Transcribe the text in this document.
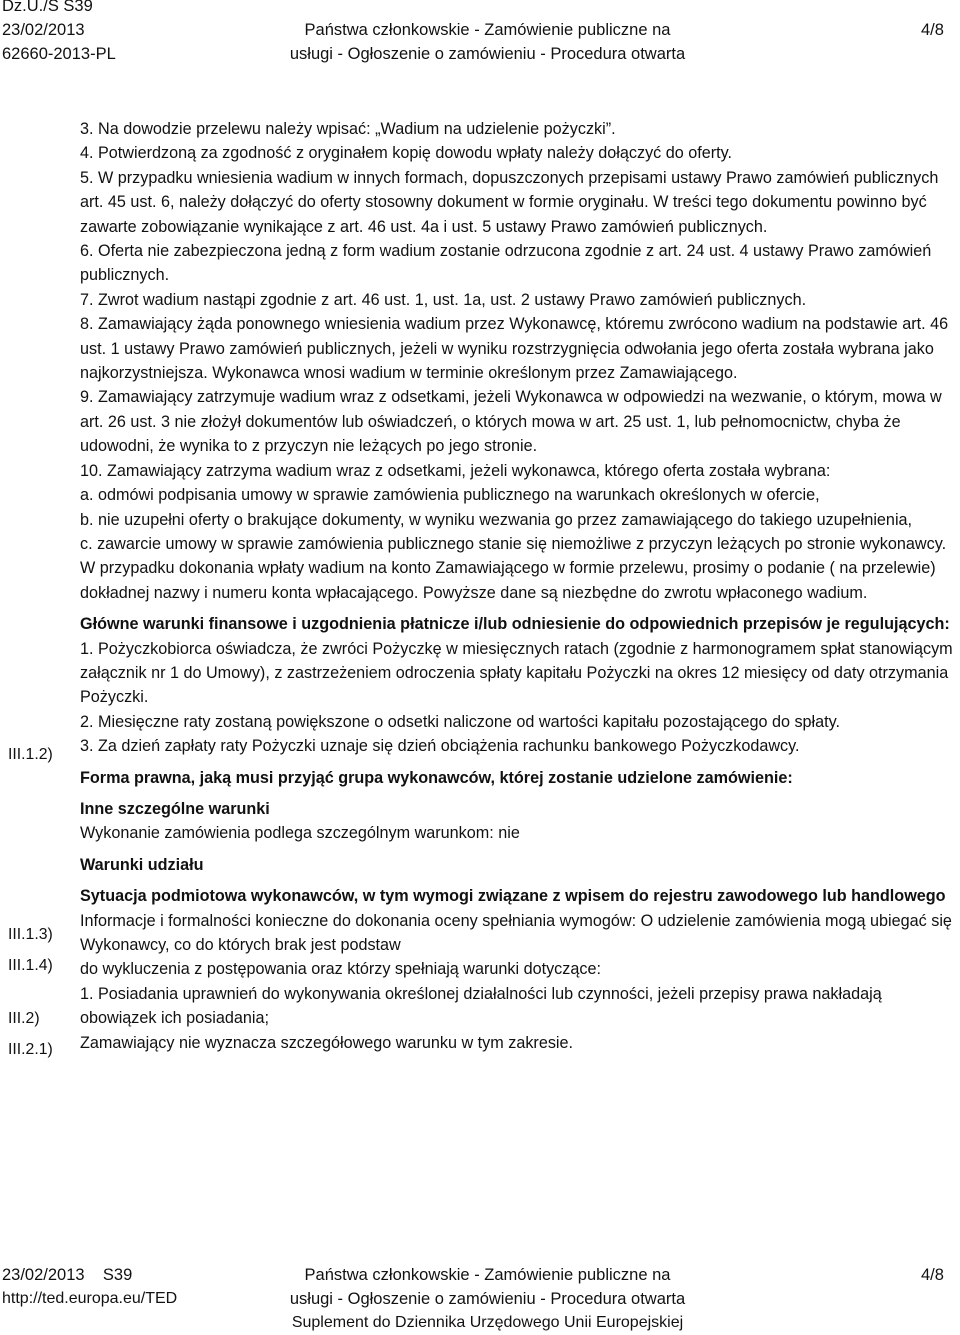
Dz.U./S S39
23/02/2013
62660-2013-PL
Państwa członkowskie - Zamówienie publiczne na
usługi - Ogłoszenie o zamówieniu - Procedura otwarta
4/8
III.1.2)
III.1.3)
III.1.4)
III.2)
III.2.1)

3. Na dowodzie przelewu należy wpisać: „Wadium na udzielenie pożyczki”.

4. Potwierdzoną za zgodność z oryginałem kopię dowodu wpłaty należy dołączyć do oferty.

5. W przypadku wniesienia wadium w innych formach, dopuszczonych przepisami ustawy Prawo zamówień publicznych art. 45 ust. 6, należy dołączyć do oferty stosowny dokument w formie oryginału. W treści tego dokumentu powinno być zawarte zobowiązanie wynikające z art. 46 ust. 4a i ust. 5 ustawy Prawo zamówień publicznych.

6. Oferta nie zabezpieczona jedną z form wadium zostanie odrzucona zgodnie z art. 24 ust. 4 ustawy Prawo zamówień publicznych.

7. Zwrot wadium nastąpi zgodnie z art. 46 ust. 1, ust. 1a, ust. 2 ustawy Prawo zamówień publicznych.

8. Zamawiający żąda ponownego wniesienia wadium przez Wykonawcę, któremu zwrócono wadium na podstawie art. 46 ust. 1 ustawy Prawo zamówień publicznych, jeżeli w wyniku rozstrzygnięcia odwołania jego oferta została wybrana jako najkorzystniejsza. Wykonawca wnosi wadium w terminie określonym przez Zamawiającego.

9. Zamawiający zatrzymuje wadium wraz z odsetkami, jeżeli Wykonawca w odpowiedzi na wezwanie, o którym, mowa w art. 26 ust. 3 nie złożył dokumentów lub oświadczeń, o których mowa w art. 25 ust. 1, lub pełnomocnictw, chyba że udowodni, że wynika to z przyczyn nie leżących po jego stronie.

10. Zamawiający zatrzyma wadium wraz z odsetkami, jeżeli wykonawca, którego oferta została wybrana:

a. odmówi podpisania umowy w sprawie zamówienia publicznego na warunkach określonych w ofercie,

b. nie uzupełni oferty o brakujące dokumenty, w wyniku wezwania go przez zamawiającego do takiego uzupełnienia,

c. zawarcie umowy w sprawie zamówienia publicznego stanie się niemożliwe z przyczyn leżących po stronie wykonawcy.

W przypadku dokonania wpłaty wadium na konto Zamawiającego w formie przelewu, prosimy o podanie ( na przelewie) dokładnej nazwy i numeru konta wpłacającego. Powyższe dane są niezbędne do zwrotu wpłaconego wadium.

Główne warunki finansowe i uzgodnienia płatnicze i/lub odniesienie do odpowiednich przepisów je regulujących:

1. Pożyczkobiorca oświadcza, że zwróci Pożyczkę w miesięcznych ratach (zgodnie z harmonogramem spłat stanowiącym załącznik nr 1 do Umowy), z zastrzeżeniem odroczenia spłaty kapitału Pożyczki na okres 12 miesięcy od daty otrzymania Pożyczki.

2. Miesięczne raty zostaną powiększone o odsetki naliczone od wartości kapitału pozostającego do spłaty.

3. Za dzień zapłaty raty Pożyczki uznaje się dzień obciążenia rachunku bankowego Pożyczkodawcy.

Forma prawna, jaką musi przyjąć grupa wykonawców, której zostanie udzielone zamówienie:

Inne szczególne warunki

Wykonanie zamówienia podlega szczególnym warunkom: nie

Warunki udziału

Sytuacja podmiotowa wykonawców, w tym wymogi związane z wpisem do rejestru zawodowego lub handlowego

Informacje i formalności konieczne do dokonania oceny spełniania wymogów: O udzielenie zamówienia mogą ubiegać się Wykonawcy, co do których brak jest podstaw

do wykluczenia z postępowania oraz którzy spełniają warunki dotyczące:

1. Posiadania uprawnień do wykonywania określonej działalności lub czynności, jeżeli przepisy prawa nakładają obowiązek ich posiadania;

Zamawiający nie wyznacza szczegółowego warunku w tym zakresie.

23/02/2013    S39
http://ted.europa.eu/TED
Państwa członkowskie - Zamówienie publiczne na
usługi - Ogłoszenie o zamówieniu - Procedura otwarta
Suplement do Dziennika Urzędowego Unii Europejskiej
4/8
